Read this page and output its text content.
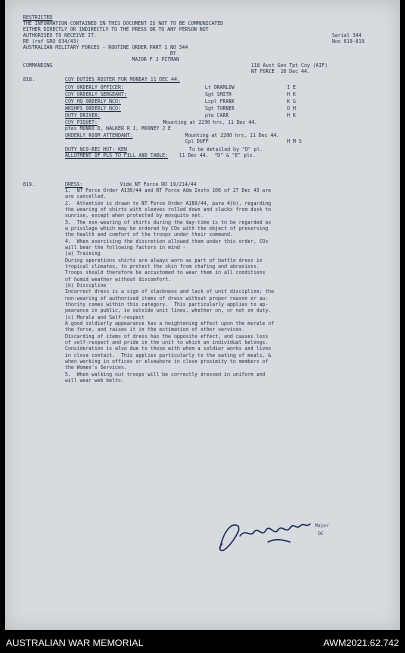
RESTRICTED
THE INFORMATION CONTAINED IN THIS DOCUMENT IS NOT TO BE COMMUNICATED
EITHER DIRECTLY OR INDIRECTLY TO THE PRESS OR TO ANY PERSON NOT
AUTHORISED TO RECEIVE IT.	Serial 344
RE (ref GRO 634/43)	Nos 619-819
AUSTRALIAN MILITARY FORCES - ROUTINE ORDER PART 1 NO 344
BY
MAJOR F J PITMAN
COMMANDING	118 Aust Gen Tpt Coy (AIF)
NT FORCE  10 Dec 44.
818.	COY DUTIES ROSTER FOR MONDAY 11 DEC 44.
COY ORDERLY OFFICER:	Lt DRAMLOW	I E
COY ORDERLY SERGEANT:	Sgt SMITH	H K
COY HQ ORDERLY NCO:	Lcpl FRANK	K G
WKSHPS ORDERLY NCO:	Sgt TURNER	O H
DUTY DRIVER:	pte CARR	H K
COY PIQUET:	Mounting at 2230 hrs, 11 Dec 44.
ptes MUNRO D, WALKER R J, MOONEY J E
ORDERLY ROOM ATTENDANT:	Mounting at 2200 hrs, 11 Dec 44.
Cpl DUFF	H M S
DUTY NCO-REC HUT: KEN	To be detailed by "D" pl.
ALLOTMENT OF PLS TO FILL AND TABLE: 11 Dec 44.  "D" & "E" pls.
819.	DRESS:	Vide NT Force RO 19/214/44
1.  NT Force Order A136/44 and NT Force Adm Instn 106 of 27 Dec 43 are
are cancelled.
2.  Attention is drawn to NT Force Order A189/44, para 4(b), regarding
the wearing of shirts with sleeves rolled down and slacks from dusk to
sunrise, except when protected by mosquito net.
3.  The non-wearing of shirts during the day-time is to be regarded as
a privilege which may be ordered by COs with the object of preserving
the health and comfort of the troops under their command.
4.  When exercising the discretion allowed them under this order, COs
will bear the following factors in mind -
(a) Training
During operations shirts are always worn as part of battle dress in
tropical climates, to protect the skin from chafing and abrasions.
Troops should therefore be accustomed to wear them in all conditions
of humid weather without discomfort.
(b) Discipline
Incorrect dress is a sign of slackness and lack of unit discipline; the
non-wearing of authorised items of dress without proper reason or au-
thority comes within this category.  This particularly applies to ap-
pearance in public, ie outside unit lines, whether on, or not on duty.
(c) Morale and Self-respect
A good soldierly appearance has a heightening effect upon the morale of
the force, and raises it in the estimation of other services.
Discarding of items of dress has the opposite effect, and causes loss
of self-respect and pride in the unit to which an individual belongs.
Consideration is also due to those with whom a soldier works and lives
in close contact.  This applies particularly to the eating of meals, &
when working in offices or elsewhere in close proximity to members of
the Women's Services.
5.  When walking out troops will be correctly dressed in uniform and
will wear web belts.
Major
OC
AUSTRALIAN WAR MEMORIAL	AWM2021.62.742
